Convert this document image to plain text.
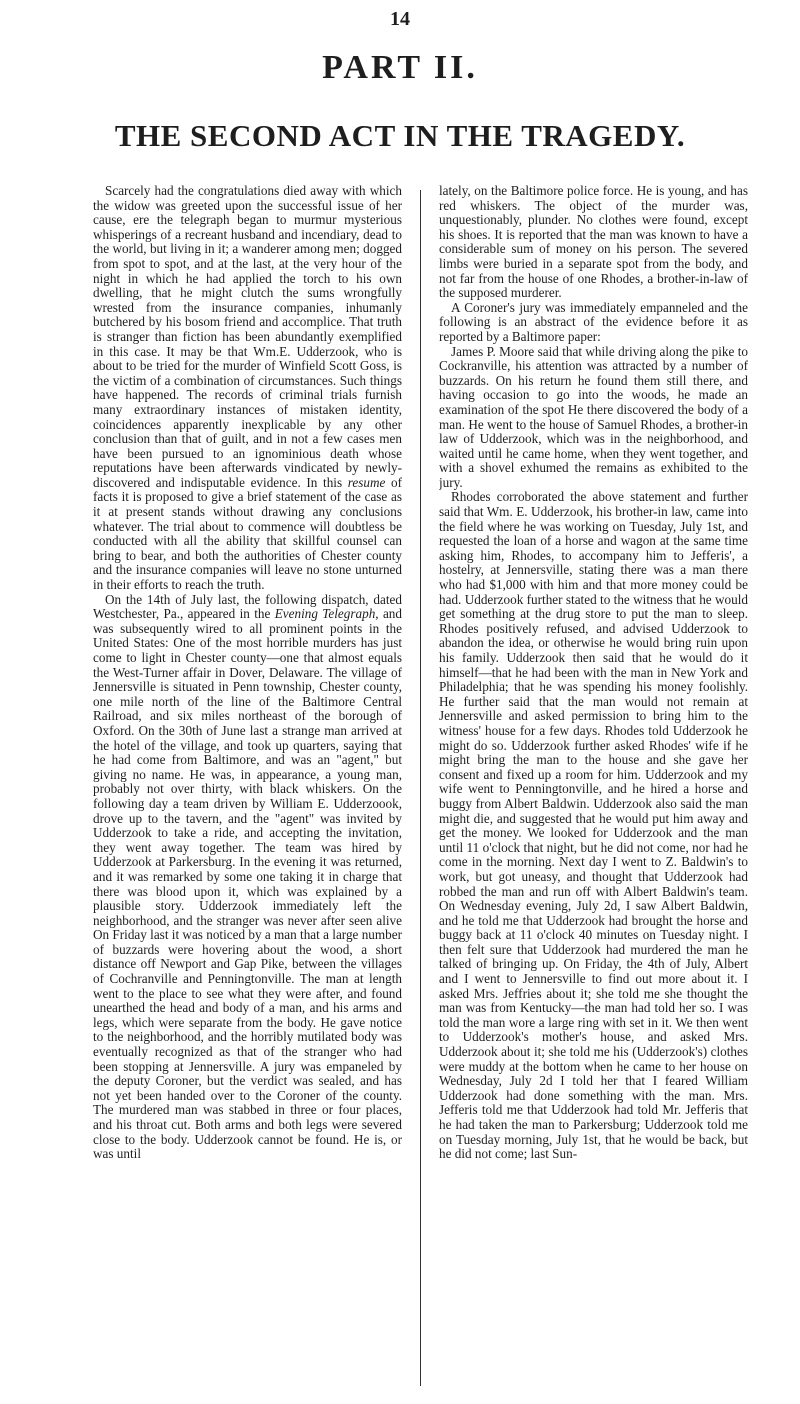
14
PART II.
THE SECOND ACT IN THE TRAGEDY.

Scarcely had the congratulations died away with which the widow was greeted upon the successful issue of her cause, ere the telegraph began to murmur mysterious whisperings of a recreant husband and incendiary, dead to the world, but living in it; a wanderer among men; dogged from spot to spot, and at the last, at the very hour of the night in which he had applied the torch to his own dwelling, that he might clutch the sums wrongfully wrested from the insurance companies, inhumanly butchered by his bosom friend and accomplice. That truth is stranger than fiction has been abundantly exemplified in this case. It may be that Wm.E. Udderzook, who is about to be tried for the murder of Winfield Scott Goss, is the victim of a combination of circumstances. Such things have happened. The records of criminal trials furnish many extraordinary instances of mistaken identity, coincidences apparently inexplicable by any other conclusion than that of guilt, and in not a few cases men have been pursued to an ignominious death whose reputations have been afterwards vindicated by newly-discovered and indisputable evidence. In this resume of facts it is proposed to give a brief statement of the case as it at present stands without drawing any conclusions whatever. The trial about to commence will doubtless be conducted with all the ability that skillful counsel can bring to bear, and both the authorities of Chester county and the insurance companies will leave no stone unturned in their efforts to reach the truth.

On the 14th of July last, the following dispatch, dated Westchester, Pa., appeared in the Evening Telegraph, and was subsequently wired to all prominent points in the United States: One of the most horrible murders has just come to light in Chester county—one that almost equals the West-Turner affair in Dover, Delaware. The village of Jennersville is situated in Penn township, Chester county, one mile north of the line of the Baltimore Central Railroad, and six miles northeast of the borough of Oxford. On the 30th of June last a strange man arrived at the hotel of the village, and took up quarters, saying that he had come from Baltimore, and was an "agent," but giving no name. He was, in appearance, a young man, probably not over thirty, with black whiskers. On the following day a team driven by William E. Udderzoook, drove up to the tavern, and the "agent" was invited by Udderzook to take a ride, and accepting the invitation, they went away together. The team was hired by Udderzook at Parkersburg. In the evening it was returned, and it was remarked by some one taking it in charge that there was blood upon it, which was explained by a plausible story. Udderzook immediately left the neighborhood, and the stranger was never after seen alive On Friday last it was noticed by a man that a large number of buzzards were hovering about the wood, a short distance off Newport and Gap Pike, between the villages of Cochranville and Penningtonville. The man at length went to the place to see what they were after, and found unearthed the head and body of a man, and his arms and legs, which were separate from the body. He gave notice to the neighborhood, and the horribly mutilated body was eventually recognized as that of the stranger who had been stopping at Jennersville. A jury was empaneled by the deputy Coroner, but the verdict was sealed, and has not yet been handed over to the Coroner of the county. The murdered man was stabbed in three or four places, and his throat cut. Both arms and both legs were severed close to the body. Udderzook cannot be found. He is, or was until

lately, on the Baltimore police force. He is young, and has red whiskers. The object of the murder was, unquestionably, plunder. No clothes were found, except his shoes. It is reported that the man was known to have a considerable sum of money on his person. The severed limbs were buried in a separate spot from the body, and not far from the house of one Rhodes, a brother-in-law of the supposed murderer.

A Coroner's jury was immediately empanneled and the following is an abstract of the evidence before it as reported by a Baltimore paper:

James P. Moore said that while driving along the pike to Cockranville, his attention was attracted by a number of buzzards. On his return he found them still there, and having occasion to go into the woods, he made an examination of the spot He there discovered the body of a man. He went to the house of Samuel Rhodes, a brother-in law of Udderzook, which was in the neighborhood, and waited until he came home, when they went together, and with a shovel exhumed the remains as exhibited to the jury.

Rhodes corroborated the above statement and further said that Wm. E. Udderzook, his brother-in law, came into the field where he was working on Tuesday, July 1st, and requested the loan of a horse and wagon at the same time asking him, Rhodes, to accompany him to Jefferis', a hostelry, at Jennersville, stating there was a man there who had $1,000 with him and that more money could be had. Udderzook further stated to the witness that he would get something at the drug store to put the man to sleep. Rhodes positively refused, and advised Udderzook to abandon the idea, or otherwise he would bring ruin upon his family. Udderzook then said that he would do it himself—that he had been with the man in New York and Philadelphia; that he was spending his money foolishly. He further said that the man would not remain at Jennersville and asked permission to bring him to the witness' house for a few days. Rhodes told Udderzook he might do so. Udderzook further asked Rhodes' wife if he might bring the man to the house and she gave her consent and fixed up a room for him. Udderzook and my wife went to Penningtonville, and he hired a horse and buggy from Albert Baldwin. Udderzook also said the man might die, and suggested that he would put him away and get the money. We looked for Udderzook and the man until 11 o'clock that night, but he did not come, nor had he come in the morning. Next day I went to Z. Baldwin's to work, but got uneasy, and thought that Udderzook had robbed the man and run off with Albert Baldwin's team. On Wednesday evening, July 2d, I saw Albert Baldwin, and he told me that Udderzook had brought the horse and buggy back at 11 o'clock 40 minutes on Tuesday night. I then felt sure that Udderzook had murdered the man he talked of bringing up. On Friday, the 4th of July, Albert and I went to Jennersville to find out more about it. I asked Mrs. Jeffries about it; she told me she thought the man was from Kentucky—the man had told her so. I was told the man wore a large ring with set in it. We then went to Udderzook's mother's house, and asked Mrs. Udderzook about it; she told me his (Udderzook's) clothes were muddy at the bottom when he came to her house on Wednesday, July 2d I told her that I feared William Udderzook had done something with the man. Mrs. Jefferis told me that Udderzook had told Mr. Jefferis that he had taken the man to Parkersburg; Udderzook told me on Tuesday morning, July 1st, that he would be back, but he did not come; last Sun-
